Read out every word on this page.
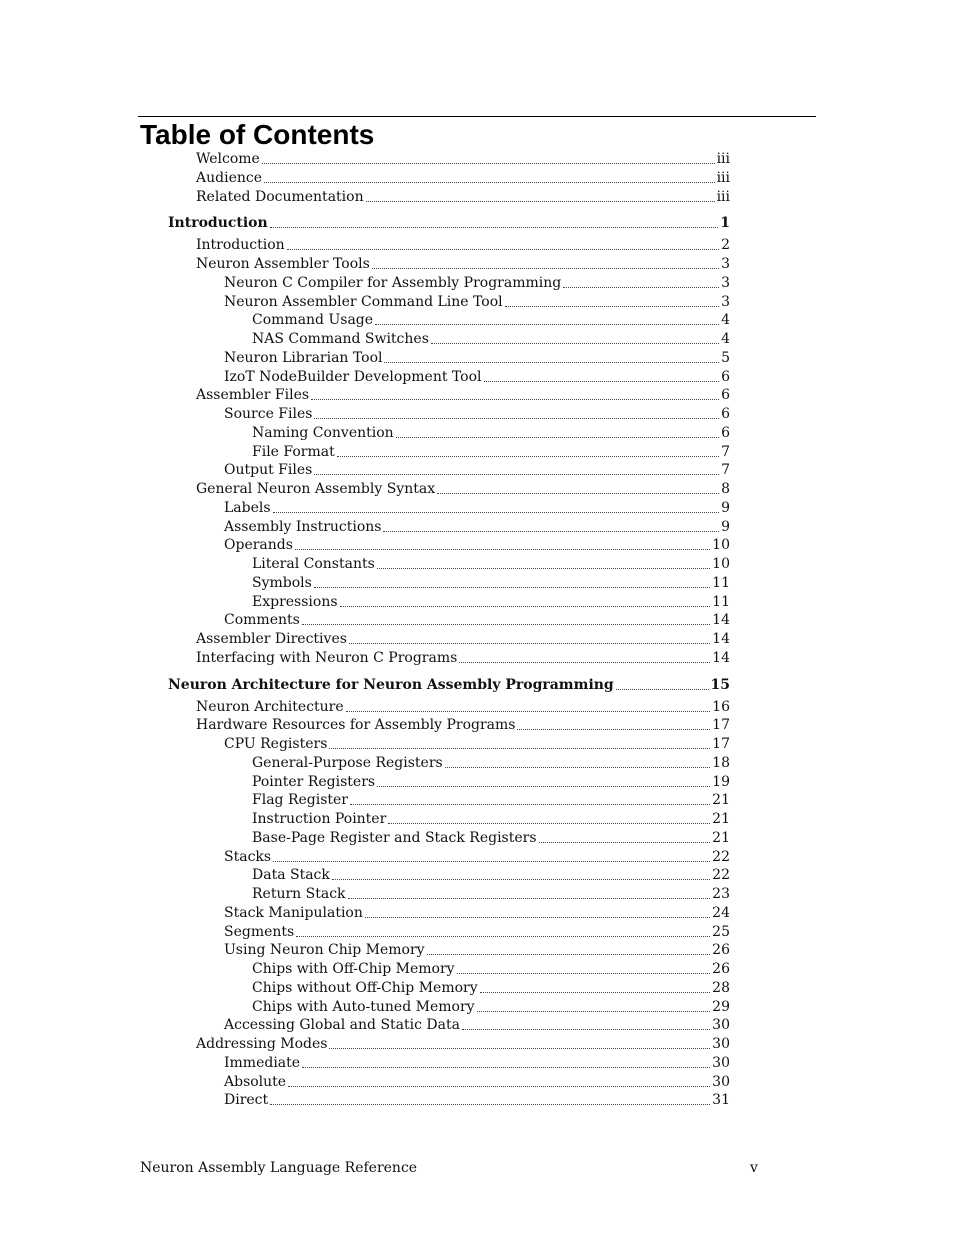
Table of Contents
Welcome	iii
Audience	iii
Related Documentation	iii
Introduction	1
Introduction	2
Neuron Assembler Tools	3
Neuron C Compiler for Assembly Programming	3
Neuron Assembler Command Line Tool	3
Command Usage	4
NAS Command Switches	4
Neuron Librarian Tool	5
IzoT NodeBuilder Development Tool	6
Assembler Files	6
Source Files	6
Naming Convention	6
File Format	7
Output Files	7
General Neuron Assembly Syntax	8
Labels	9
Assembly Instructions	9
Operands	10
Literal Constants	10
Symbols	11
Expressions	11
Comments	14
Assembler Directives	14
Interfacing with Neuron C Programs	14
Neuron Architecture for Neuron Assembly Programming	15
Neuron Architecture	16
Hardware Resources for Assembly Programs	17
CPU Registers	17
General-Purpose Registers	18
Pointer Registers	19
Flag Register	21
Instruction Pointer	21
Base-Page Register and Stack Registers	21
Stacks	22
Data Stack	22
Return Stack	23
Stack Manipulation	24
Segments	25
Using Neuron Chip Memory	26
Chips with Off-Chip Memory	26
Chips without Off-Chip Memory	28
Chips with Auto-tuned Memory	29
Accessing Global and Static Data	30
Addressing Modes	30
Immediate	30
Absolute	30
Direct	31
Neuron Assembly Language Reference	v
